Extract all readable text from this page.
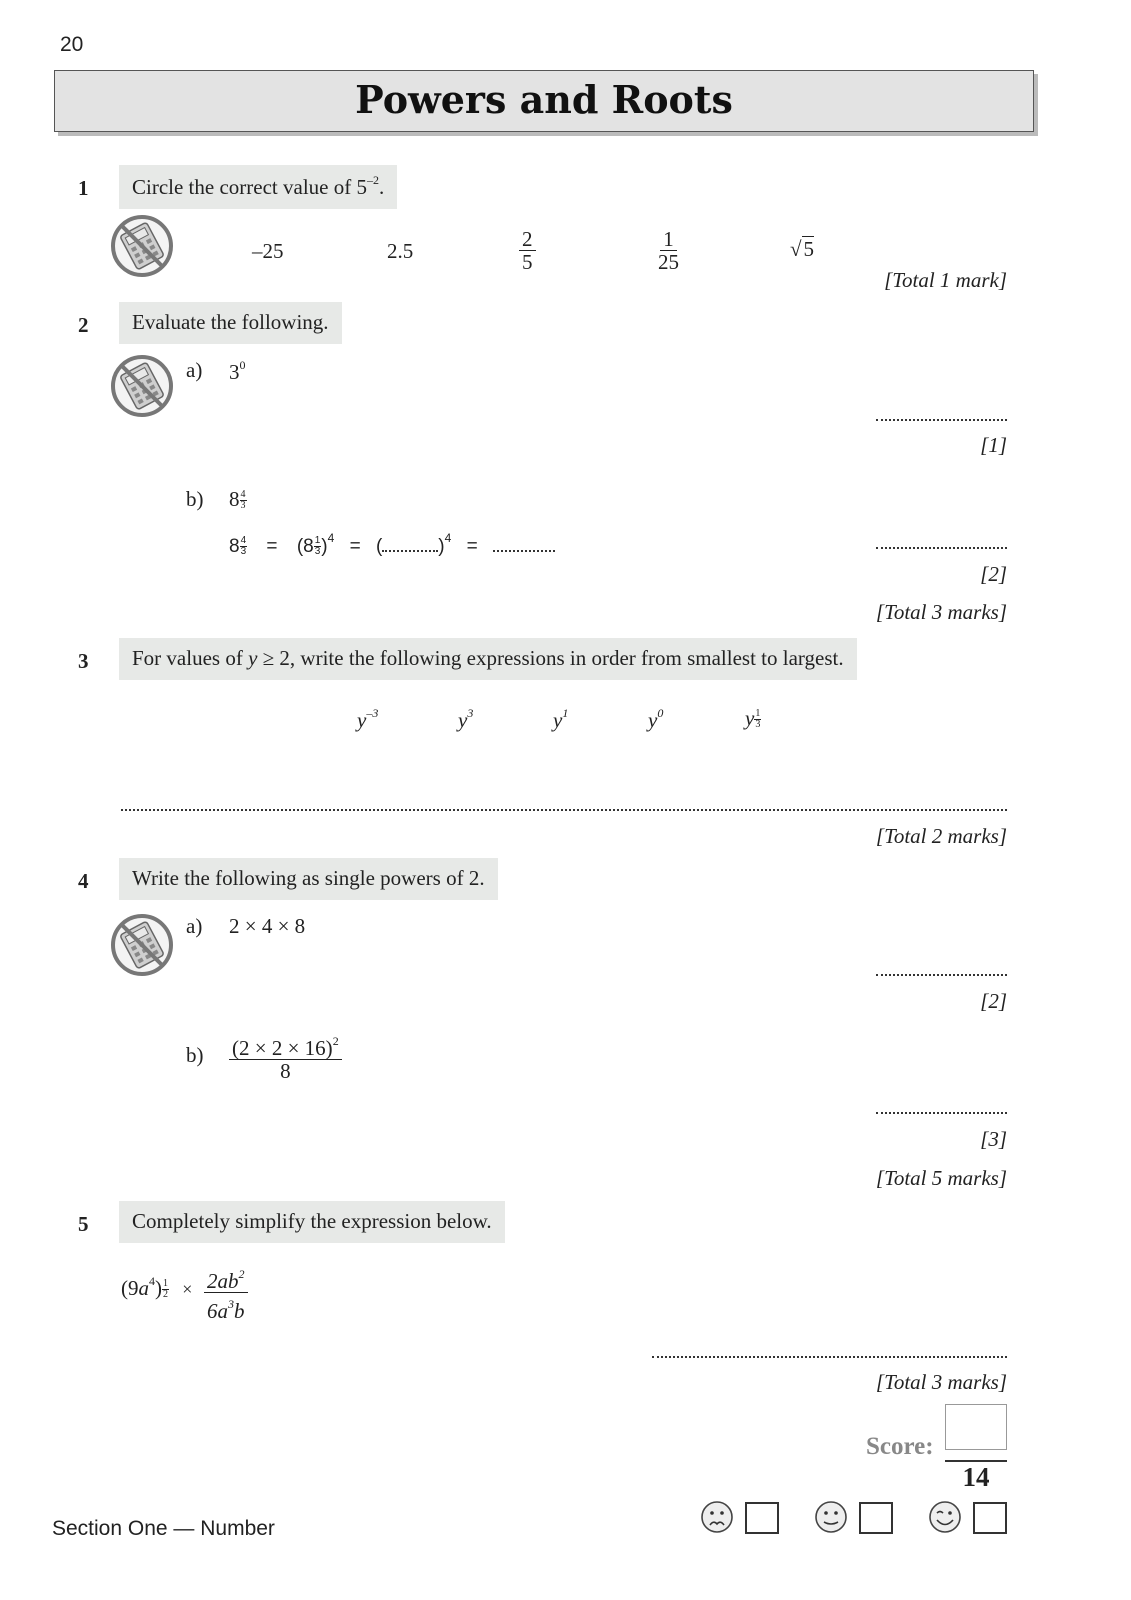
20
Powers and Roots
1	Circle the correct value of $5^{-2}$.
–25	2.5	$\frac{2}{5}$	$\frac{1}{25}$	√5
[Total 1 mark]
2	Evaluate the following.
a) $3^0$
[1]
b) $8 \frac{4}{3}$
$8 \frac{4}{3} = (8 \frac{1}{3} )^4$ = (	)$^4$ =
[2]
[Total 3 marks]
3	For values of y ≥ 2, write the following expressions in order from smallest to largest.
$y^{-3}$	$y^3$	$y^1$	$y^0$	y $\frac{1}{3}$
[Total 2 marks]
4	Write the following as single powers of 2.
a) 2 × 4 × 8
[2]
$b) \frac{(2 \times 2 \times 16)^2}{8}$
[3]
[Total 5 marks]
5	Completely simplify the expression below.
$(9a^4) \frac{1}{2} \times \frac{2ab^2}{6a^3b}$
[Total 3 marks]
Score:
14
Section One — Number
